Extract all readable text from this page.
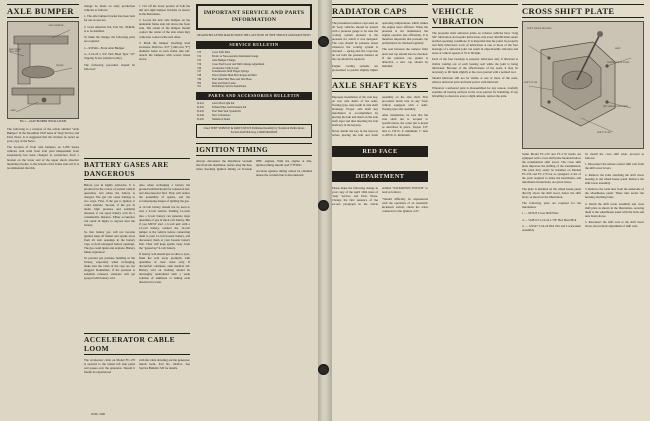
AXLE BUMPER
AXLE BUMPER
MOUNTING
BRACKET
FRAME
AXLE
FIG. 1—AXLE BUMPER INSTALLATION

The following is a revision of the article entitled "Axle Bumper" in the December 1947 issue of 'Jeep' Service and Parts News. It is suggested that the revision be noted on your copy of the News.

The location of front axle bumpers on J-200 Series vehicles with solid front axle (and independent front suspension) has been changed in production from a bracket on the lower end of the upper shock absorber mounting bracket, to the bottom of the frame side rail. It is recommended that this

change be made on early production vehicles as follows:

1. The axle bumper bracket has been bent for use as spacers.

2. Load Absorber Kit, Part No. 934046, is to be installed.

To make the change, the following parts are required:

1—933546—Front Axle Bumper

4—5-16-24 x 3/4" Hex Head Type "10" Tapping Screw (obtain locally)

The following procedure should be followed:

1. Cut off the lower portion of both the left and right bumper brackets as shown in the illustration.

2. Locate the new axle bumper on the underside frame side rail above the front axle. The center of the bumper should contact the center of the axle when they come into contact with each other.

3. Mark the bumper attaching hold locations. Drill two .257" (.040 over "F") diameter holes in each frame side rail. Attach the bumpers with screws listed above.

BATTERY GASES ARE DANGEROUS

Before you in highly explosive. It is produced in the course of normal vehicle operation, and when the battery is charged. The gas can cause damage to two ways. First, if the gas is ignited, it could explode. Second, if the gas in under high pressure and suddenly released, it can spray battery acid for a considerable distance. Either occurrence can result in injury to anyone near the battery.

So that battery gas will not become ignited, keep all flames and sparks away from all vent openings in the battery caps, or from uncapped battery openings. The gas could ignite and explode. Battery fumes cigarettes!

To prevent gas pressure building in the battery, especially when recharging, make sure the vents in the caps are not plugged. Remember, if the pressure is suddenly released, someone will get sprayed with battery acid.

Also when recharging a battery the ground terminal should be connected last, and disconnected first. Thus will reduce the possibility of sparks, and the accompanying danger of igniting the gas.

A 12-volt battery should not be used to start a 6-volt vehicle. Pushing 12-volts into a 6-volt battery can generate large quantities of gas in the 6-volt battery. But if you MUST start a 6-volt unit with a 12-volt battery, connect the 12-volt jumper to the vehicle before connecting them to your 12-volt booster battery, and disconnect them at your booster battery first. Then will keep sparks away from the "gassed up" 6-volt battery.

If battery acid should get on skin or eyes, flush the acid away promptly with quantities of clear water only. If discomfort continues, seek medical aid. Battery acid on clothing should be thoroughly neutralized with a weak solution of ammonia or baking soda dissolved in water.

ACCELERATOR CABLE LOOM

The accelerator cable on Model FC-170 is secured to the tunnel left side panel and passes over the generator. Should it finally be experienced

with the cable abrading out the generator, install loom, Part No. 644011, See Service Bulletin 726 for details.

JUNE, 1948
IMPORTANT SERVICE AND PARTS INFORMATION
DEALER BULLETINS MAILED SINCE THE LAST ISSUE OF 'JEEP' SERVICE AND PARTS NEWS
SERVICE BULLETIN
723	Cross Shift Plate
724	Erratic or Non-operative Instrument Gauge
725	Axle Bumper Change
726	Cross Shaft Lever and Shift Linkage Adjustment
746	Accelerator Cable Loom
747	Transmission Shift Finger Springs
748	Non-Cylinder Head Bolt Torque and Bolt
749	Fuel Tank Filler Hose and Vent Hose
760	Dust and Water Leaks
761	Preliminary Service Installation
PARTS AND ACCESSORIES BULLETIN
D-241	Glove Box Light Kit
D-242	Exhaust Pipe and Extension Kit
D-243	Fuel Tank Vent System Kit
D-244	New Carburetors
D-245	Numerical Index
Used 'JEEP' SERVICE & PARTS NEWS Published monthly by Technical Publications Section KAISER Jeep CORPORATION
IGNITION TIMING

Always disconnect the distributor vacuum line from the distributor, before plug the line, when checking ignition timing on Tornado OHC engines. With the engine at idle, ignition timing should read 5° BTDC.

Accurate ignition timing cannot be obtained unless the vacuum line is disconnected.

RADIATOR CAPS

The pressurized radiator caps used on all 'Jeep' vehicles should be treated with a pressure gauge to be sure the cooling system pressure is the pressure for which it was designed. The caps should be pressure tested whenever the cooling system is checked — spring and fall. Caps that do not hold the pressure marked on the cap should be replaced.

Engine cooling systems are pressurized to permit slightly higher operating temperatures which makes the engine more efficient. When the pressure is not maintained, the engine operates less efficiently. It is therefore important that pressure cap performance be checked regularly.

The seal between the radiator filler neck and cap should also be checked. If the pressure cap gasket is defective, a new cap should be installed.

AXLE SHAFT KEYS

Improper installation of the axle key, on rear axle shafts of the semi-floating type, may result in axle shaft breakage. Proper axle shaft key installation is accomplished by placing the hub and drum on the axle shaft taper and then inserting the axle shaft key in the keyway.

Never install the key in the keyway before placing the hub and drum assembly on the axle shaft. This procedure holds true in any 'Jeep' vehicle equipped with a semi-floating type axle assembly.

After installation, be sure that the axle shaft nut is torqued to specifications, the cotter pin is keyed as described in place. Torque 5-8" nuts to 150 lb. ft. minimum, 1" nuts to 200 lb. ft. minimum.

RED FACE
DEPARTMENT

Please make the following change in your copy of the April 1964 issue of 'Jeep' Service and Parts News. Change the first sentence of the second paragraph in the article entitled "KICKDOWN SWITCH" to read as follows:

"Should difficulty be experienced with the operation of an automatic kickdown switch, check the wires connected to the ignition coil".

VEHICLE VIBRATION

The propeller shaft universal joints on 2-Series vehicles have "long life" lubrication and require lubrication only every $6,000 miles under normal operating conditions. It is important that the joints be properly and fully lubricated. Lack of lubrication at one or more of the four bearings of a universal joint can result in objectionable vibration and noise at vehicle speeds of 55 to 60 mph.

Each of the four bearings is properly lubricated only if lubricant is visible coming out of each bearing seal while the joint is being lubricated. Because of the effectiveness of the seals, it may be necessary to lift them slightly at the cross journal with a pointed tool.

Should lubricant still not be visible at one or more of the seals, remove universal joint and hand pack it with lubricant.

Wherever a universal joint is disassembled for any reason, carefully examine all bearing surfaces in the cross journal for brinelling. If any brinelling is observed, even a slight amount, replace the joint.

CROSS SHIFT PLATE
SHIFT TOWER HOUSING
BOLT
WHEEL HOUSE PANEL
SHIFT PLATE
NUT AND LOCKWASHER
SHIFT LEVER

Some Model FC-150 and FC-170 trucks are equipped with a cross shift plate mounted below the transmission shift tower. The cross shift plate improves the shifting of the transmission. The plate may easily be installed on Models FC-150 and FC-170 not so equipped. A list of the parts required to make the installation, and installation instructions, are given below.

The plate is installed on the wheel house panel directly above the shift tower, below the shift lever, as shown in the illustration.

The following parts are required for the installation:

1 — 937625 Cross Shift Plate

4 — 5128213 5-16-24 x 7/8" Hex Head Bolt

4 — 122547 5-16-24 Hex Nut and Lockwasher Assembly

To install the cross shift plate, proceed as follows:

1. Disconnect the remote control shift rods from the shift tower levers.

2. Remove the bolts attaching the shift tower housing to the wheel house panel. Remove the shift tower assembly.

3. Remove the weld nuts from the underside of the wheelhouse panel. These nuts secure the housing attaching bolts.

4. Install the shift tower assembly and cross shift plate as shown in the illustration, securing them to the wheelhouse panel with the bolts and nuts listed above.

5. Reconnect the shift rods to the shift tower levers and recheck adjustment of shift rods.
